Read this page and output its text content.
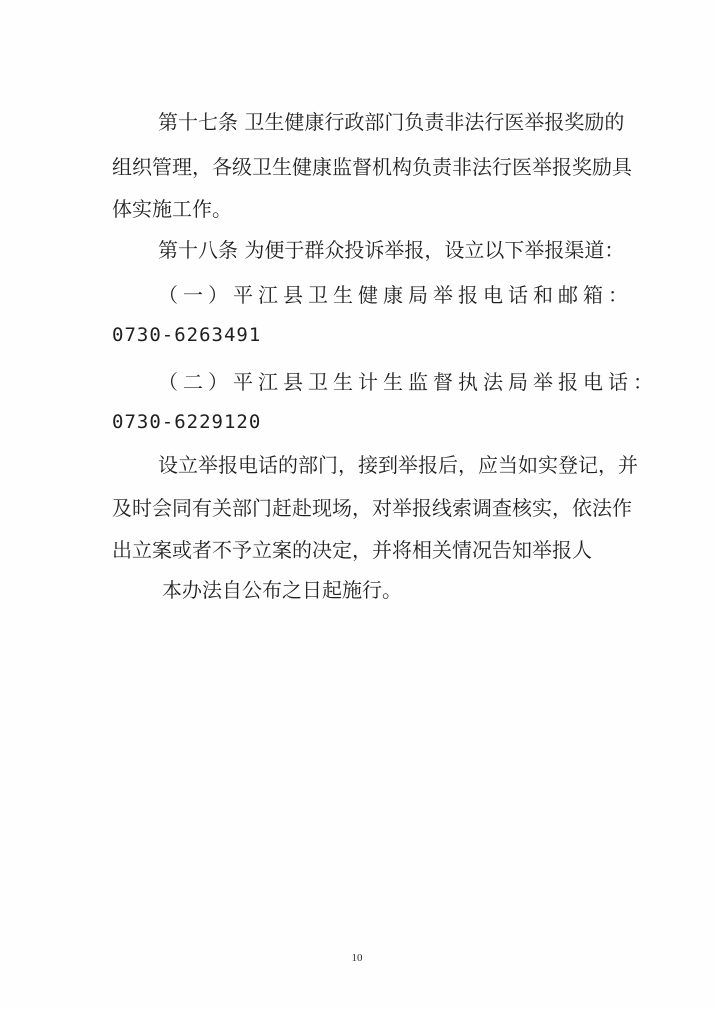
第十七条 卫生健康行政部门负责非法行医举报奖励的
组织管理，各级卫生健康监督机构负责非法行医举报奖励具
体实施工作。
第十八条 为便于群众投诉举报，设立以下举报渠道：
（一）平江县卫生健康局举报电话和邮箱：
0730-6263491
（二）平江县卫生计生监督执法局举报电话：
0730-6229120
设立举报电话的部门，接到举报后，应当如实登记，并
及时会同有关部门赶赴现场，对举报线索调查核实，依法作
出立案或者不予立案的决定，并将相关情况告知举报人
本办法自公布之日起施行。
10
